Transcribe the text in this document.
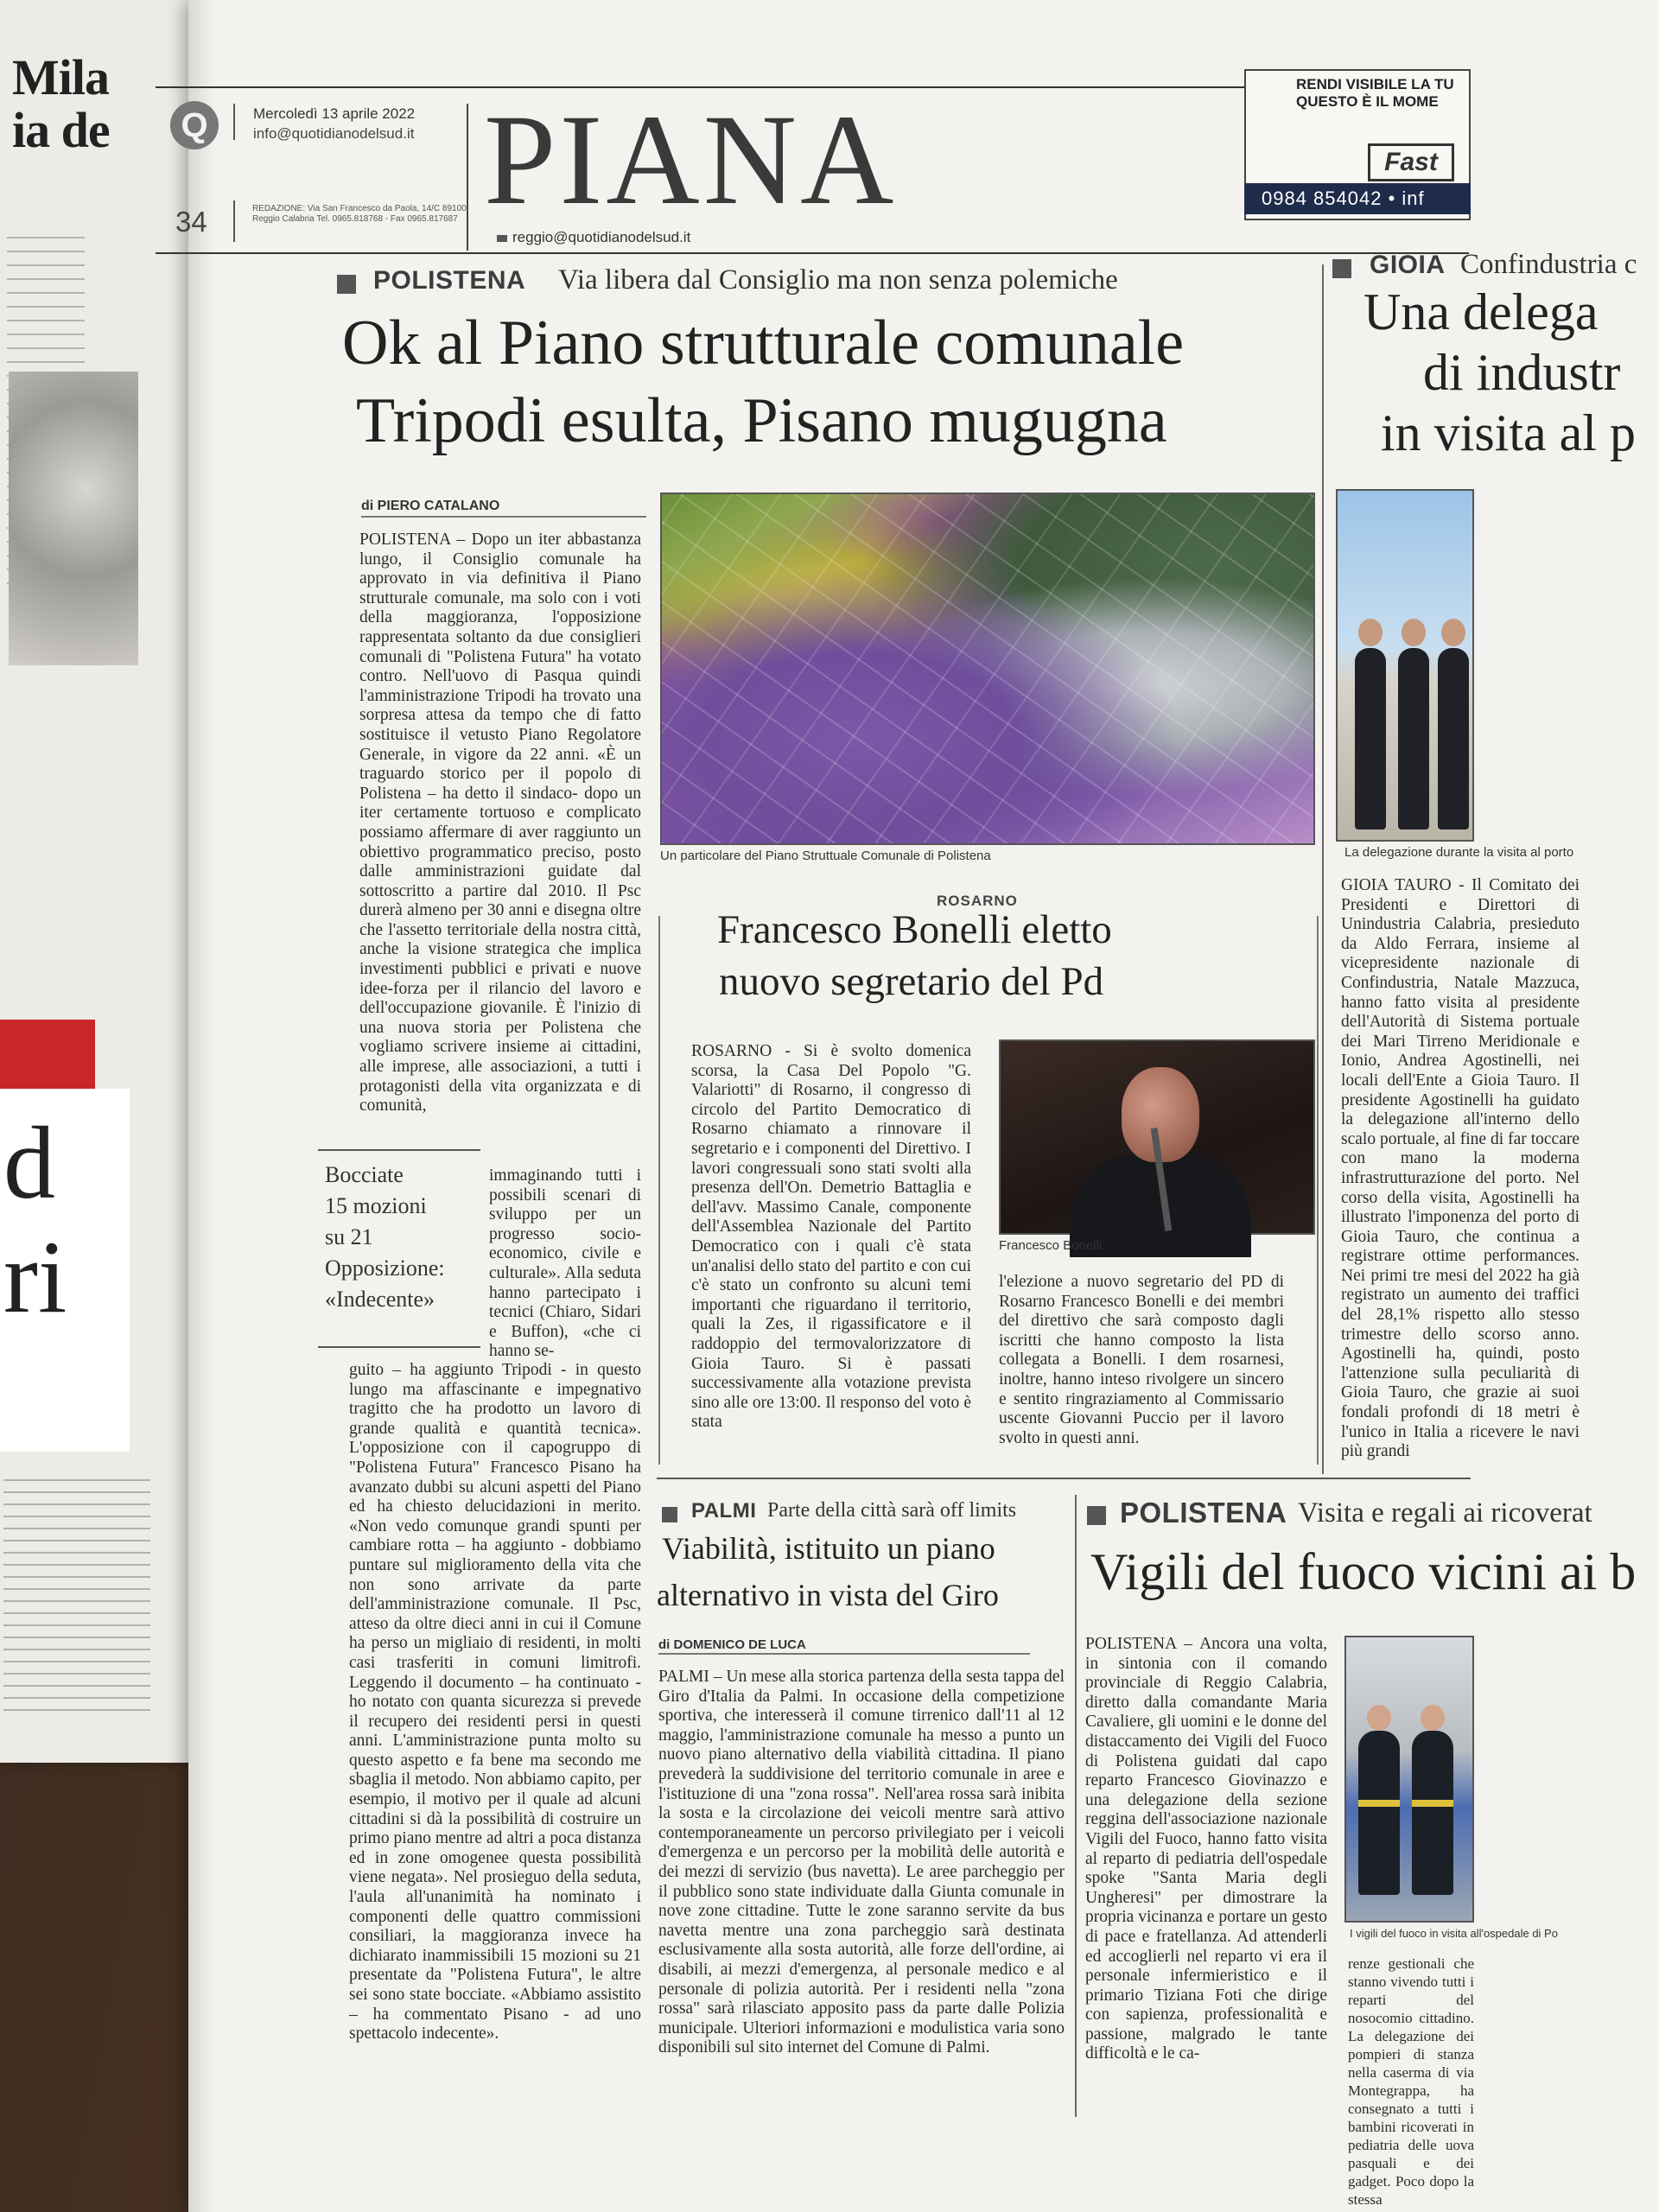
Mila
ia de
d
ri
Q	Mercoledì 13 aprile 2022
info@quotidianodelsud.it
34	REDAZIONE: Via San Francesco da Paola, 14/C 89100 Reggio Calabria Tel. 0965.818768 - Fax 0965.817687 PIANA
reggio@quotidianodelsud.it
RENDI VISIBILE LA TU
QUESTO È IL MOME
Fast
0984 854042 • inf
POLISTENA Via libera dal Consiglio ma non senza polemiche
Ok al Piano strutturale comunale
Tripodi esulta, Pisano mugugna
di PIERO CATALANO
POLISTENA – Dopo un iter abbastanza lungo, il Consiglio comunale ha approvato in via definitiva il Piano strutturale comunale, ma solo con i voti della maggioranza, l'opposizione rappresentata soltanto da due consiglieri comunali di "Polistena Futura" ha votato contro. Nell'uovo di Pasqua quindi l'amministrazione Tripodi ha trovato una sorpresa attesa da tempo che di fatto sostituisce il vetusto Piano Regolatore Generale, in vigore da 22 anni. «È un traguardo storico per il popolo di Polistena – ha detto il sindaco- dopo un iter certamente tortuoso e complicato possiamo affermare di aver raggiunto un obiettivo programmatico preciso, posto dalle amministrazioni guidate dal sottoscritto a partire dal 2010. Il Psc durerà almeno per 30 anni e disegna oltre che l'assetto territoriale della nostra città, anche la visione strategica che implica investimenti pubblici e privati e nuove idee-forza per il rilancio del lavoro e dell'occupazione giovanile. È l'inizio di una nuova storia per Polistena che vogliamo scrivere insieme ai cittadini, alle imprese, alle associazioni, a tutti i protagonisti della vita organizzata e di comunità,
immaginando tutti i possibili scenari di sviluppo per un progresso socio-economico, civile e culturale». Alla seduta hanno partecipato i tecnici (Chiaro, Sidari e Buffon), «che ci hanno se-
Bocciate
15 mozioni
su 21
Opposizione:
«Indecente»
guito – ha aggiunto Tripodi - in questo lungo ma affascinante e impegnativo tragitto che ha prodotto un lavoro di grande qualità e quantità tecnica». L'opposizione con il capogruppo di "Polistena Futura" Francesco Pisano ha avanzato dubbi su alcuni aspetti del Piano ed ha chiesto delucidazioni in merito. «Non vedo comunque grandi spunti per cambiare rotta – ha aggiunto - dobbiamo puntare sul miglioramento della vita che non sono arrivate da parte dell'amministrazione comunale. Il Psc, atteso da oltre dieci anni in cui il Comune ha perso un migliaio di residenti, in molti casi trasferiti in comuni limitrofi. Leggendo il documento – ha continuato - ho notato con quanta sicurezza si prevede il recupero dei residenti persi in questi anni. L'amministrazione punta molto su questo aspetto e fa bene ma secondo me sbaglia il metodo. Non abbiamo capito, per esempio, il motivo per il quale ad alcuni cittadini si dà la possibilità di costruire un primo piano mentre ad altri a poca distanza ed in zone omogenee questa possibilità viene negata». Nel prosieguo della seduta, l'aula all'unanimità ha nominato i componenti delle quattro commissioni consiliari, la maggioranza invece ha dichiarato inammissibili 15 mozioni su 21 presentate da "Polistena Futura", le altre sei sono state bocciate. «Abbiamo assistito – ha commentato Pisano - ad uno spettacolo indecente».
Un particolare del Piano Struttuale Comunale di Polistena
ROSARNO
Francesco Bonelli eletto
nuovo segretario del Pd
ROSARNO - Si è svolto domenica scorsa, la Casa Del Popolo "G. Valariotti" di Rosarno, il congresso di circolo del Partito Democratico di Rosarno chiamato a rinnovare il segretario e i componenti del Direttivo. I lavori congressuali sono stati svolti alla presenza dell'On. Demetrio Battaglia e dell'avv. Massimo Canale, componente dell'Assemblea Nazionale del Partito Democratico con i quali c'è stata un'analisi dello stato del partito e con cui c'è stato un confronto su alcuni temi importanti che riguardano il territorio, quali la Zes, il rigassificatore e il raddoppio del termovalorizzatore di Gioia Tauro. Si è passati successivamente alla votazione prevista sino alle ore 13:00. Il responso del voto è stata
Francesco Bonelli
l'elezione a nuovo segretario del PD di Rosarno Francesco Bonelli e dei membri del direttivo che sarà composto dagli iscritti che hanno composto la lista collegata a Bonelli. I dem rosarnesi, inoltre, hanno inteso rivolgere un sincero e sentito ringraziamento al Commissario uscente Giovanni Puccio per il lavoro svolto in questi anni.
GIOIA Confindustria c
Una delega
di industr
in visita al p
La delegazione durante la visita al porto
GIOIA TAURO - Il Comitato dei Presidenti e Direttori di Unindustria Calabria, presieduto da Aldo Ferrara, insieme al vicepresidente nazionale di Confindustria, Natale Mazzuca, hanno fatto visita al presidente dell'Autorità di Sistema portuale dei Mari Tirreno Meridionale e Ionio, Andrea Agostinelli, nei locali dell'Ente a Gioia Tauro. Il presidente Agostinelli ha guidato la delegazione all'interno dello scalo portuale, al fine di far toccare con mano la moderna infrastrutturazione del porto. Nel corso della visita, Agostinelli ha illustrato l'imponenza del porto di Gioia Tauro, che continua a registrare ottime performances. Nei primi tre mesi del 2022 ha già registrato un aumento dei traffici del 28,1% rispetto allo stesso trimestre dello scorso anno. Agostinelli ha, quindi, posto l'attenzione sulla peculiarità di Gioia Tauro, che grazie ai suoi fondali profondi di 18 metri è l'unico in Italia a ricevere le navi più grandi
PALMI Parte della città sarà off limits
Viabilità, istituito un piano
alternativo in vista del Giro
di DOMENICO DE LUCA
PALMI – Un mese alla storica partenza della sesta tappa del Giro d'Italia da Palmi. In occasione della competizione sportiva, che interesserà il comune tirrenico dall'11 al 12 maggio, l'amministrazione comunale ha messo a punto un nuovo piano alternativo della viabilità cittadina. Il piano prevederà la suddivisione del territorio comunale in aree e l'istituzione di una "zona rossa". Nell'area rossa sarà inibita la sosta e la circolazione dei veicoli mentre sarà attivo contemporaneamente un percorso privilegiato per i veicoli d'emergenza e un percorso per la mobilità delle autorità e dei mezzi di servizio (bus navetta). Le aree parcheggio per il pubblico sono state individuate dalla Giunta comunale in nove zone cittadine. Tutte le zone saranno servite da bus navetta mentre una zona parcheggio sarà destinata esclusivamente alla sosta autorità, alle forze dell'ordine, ai disabili, ai mezzi d'emergenza, al personale medico e al personale di polizia autorità. Per i residenti nella "zona rossa" sarà rilasciato apposito pass da parte dalle Polizia municipale. Ulteriori informazioni e modulistica varia sono disponibili sul sito internet del Comune di Palmi.
POLISTENA Visita e regali ai ricoverat
Vigili del fuoco vicini ai b
POLISTENA – Ancora una volta, in sintonia con il comando provinciale di Reggio Calabria, diretto dalla comandante Maria Cavaliere, gli uomini e le donne del distaccamento dei Vigili del Fuoco di Polistena guidati dal capo reparto Francesco Giovinazzo e una delegazione della sezione reggina dell'associazione nazionale Vigili del Fuoco, hanno fatto visita al reparto di pediatria dell'ospedale spoke "Santa Maria degli Ungheresi" per dimostrare la propria vicinanza e portare un gesto di pace e fratellanza. Ad attenderli ed accoglierli nel reparto vi era il personale infermieristico e il primario Tiziana Foti che dirige con sapienza, professionalità e passione, malgrado le tante difficoltà e le ca-
I vigili del fuoco in visita all'ospedale di Po
renze gestionali che stanno vivendo tutti i reparti del nosocomio cittadino. La delegazione dei pompieri di stanza nella caserma di via Montegrappa, ha consegnato a tutti i bambini ricoverati in pediatria delle uova pasquali e dei gadget. Poco dopo la stessa
